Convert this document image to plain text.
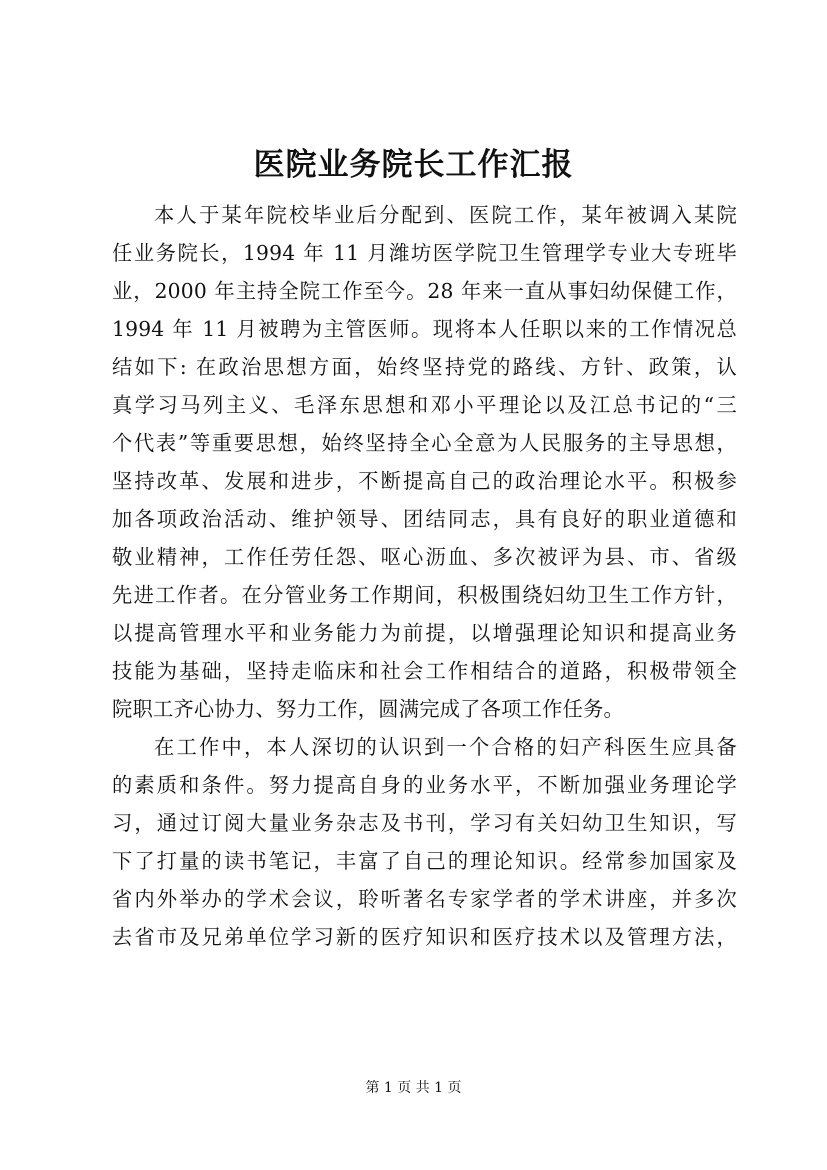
医院业务院长工作汇报
本人于某年院校毕业后分配到、医院工作，某年被调入某院
任业务院长，1994 年 11 月潍坊医学院卫生管理学专业大专班毕
业，2000 年主持全院工作至今。28 年来一直从事妇幼保健工作，
1994 年 11 月被聘为主管医师。现将本人任职以来的工作情况总
结如下: 在政治思想方面，始终坚持党的路线、方针、政策，认
真学习马列主义、毛泽东思想和邓小平理论以及江总书记的“三
个代表”等重要思想，始终坚持全心全意为人民服务的主导思想，
坚持改革、发展和进步，不断提高自己的政治理论水平。积极参
加各项政治活动、维护领导、团结同志，具有良好的职业道德和
敬业精神，工作任劳任怨、呕心沥血、多次被评为县、市、省级
先进工作者。在分管业务工作期间，积极围绕妇幼卫生工作方针，
以提高管理水平和业务能力为前提，以增强理论知识和提高业务
技能为基础，坚持走临床和社会工作相结合的道路，积极带领全
院职工齐心协力、努力工作，圆满完成了各项工作任务。
在工作中，本人深切的认识到一个合格的妇产科医生应具备
的素质和条件。努力提高自身的业务水平，不断加强业务理论学
习，通过订阅大量业务杂志及书刊，学习有关妇幼卫生知识，写
下了打量的读书笔记，丰富了自己的理论知识。经常参加国家及
省内外举办的学术会议，聆听著名专家学者的学术讲座，并多次
去省市及兄弟单位学习新的医疗知识和医疗技术以及管理方法，
第 1 页 共 1 页
